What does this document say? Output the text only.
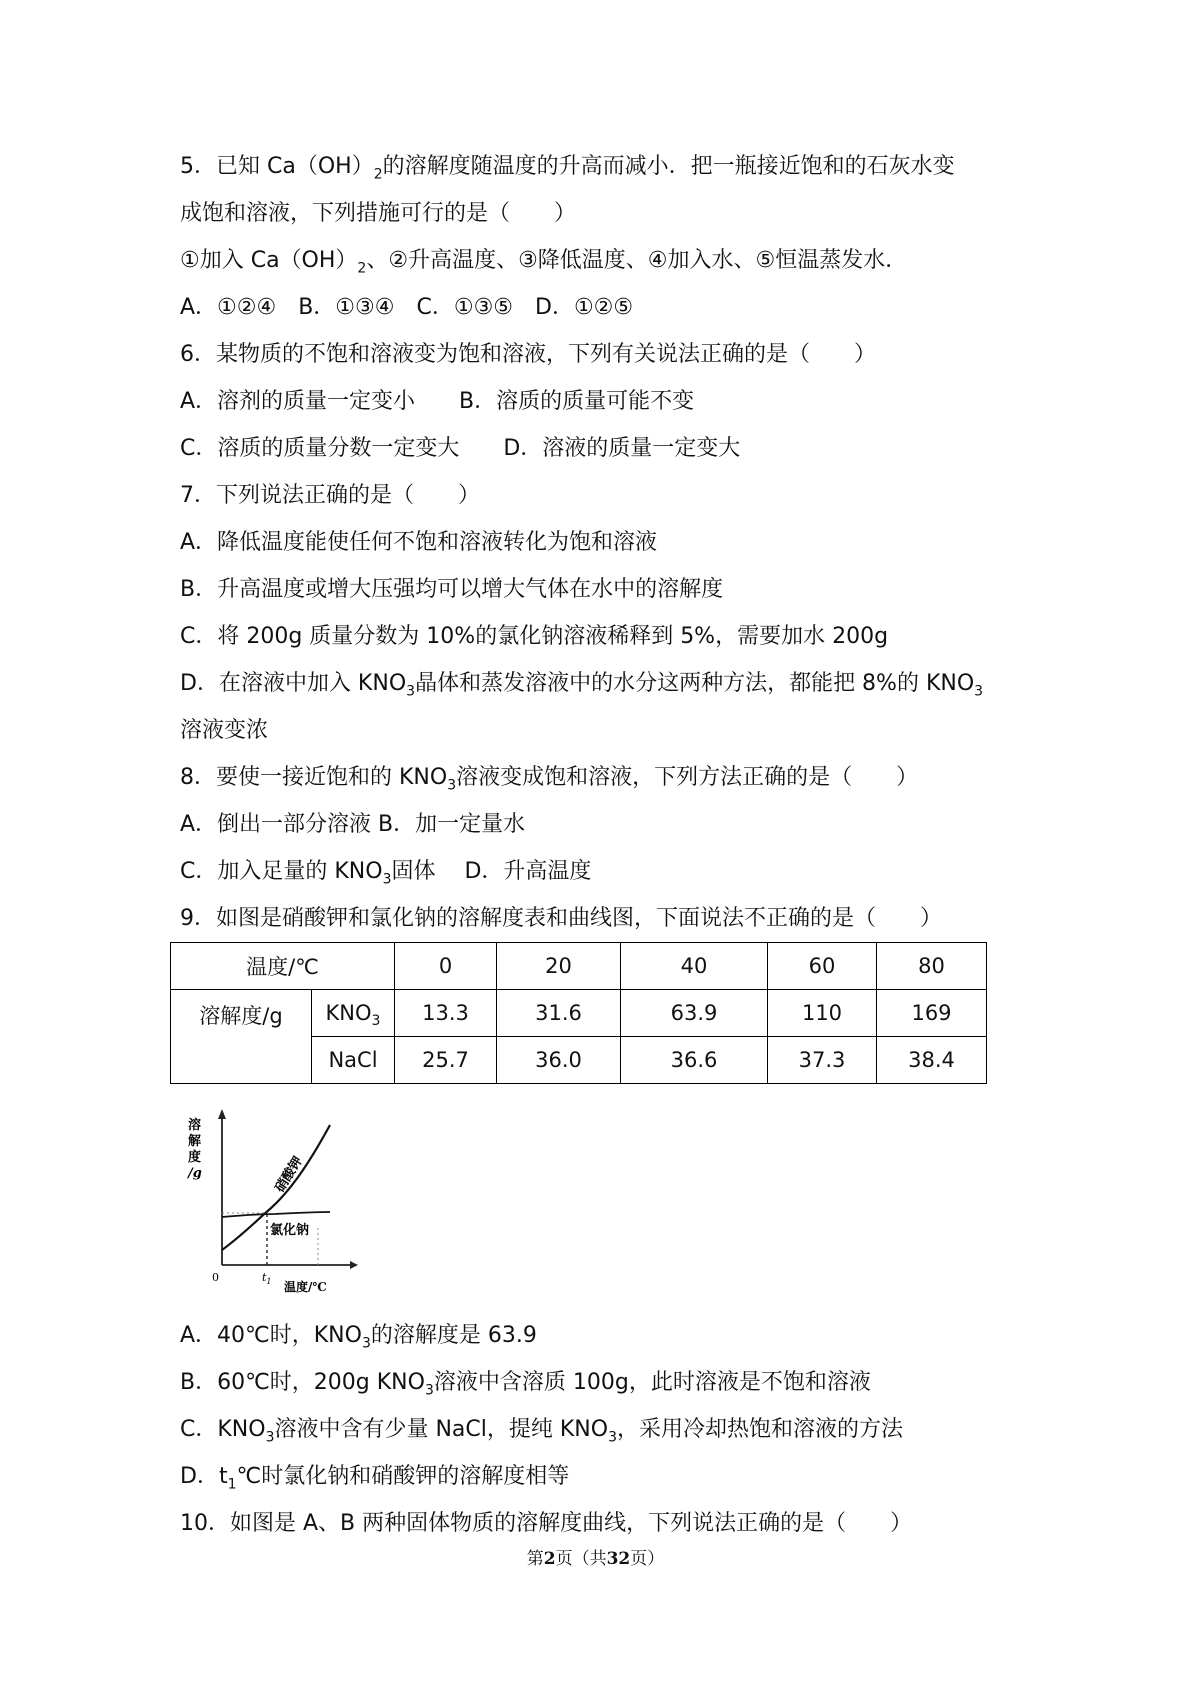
5．已知 $Ca(OH)_2$的溶解度随温度的升高而减小．把一瓶接近饱和的石灰水变
成饱和溶液，下列措施可行的是（　　）
①加入 $Ca(OH)_2$、②升高温度、③降低温度、④加入水、⑤恒温蒸发水．
A．①②④　B．①③④　C．①③⑤　D．①②⑤
6．某物质的不饱和溶液变为饱和溶液，下列有关说法正确的是（　　）
A．溶剂的质量一定变小　　B．溶质的质量可能不变
C．溶质的质量分数一定变大　　D．溶液的质量一定变大
7．下列说法正确的是（　　）
A．降低温度能使任何不饱和溶液转化为饱和溶液
B．升高温度或增大压强均可以增大气体在水中的溶解度
C．将 200g 质量分数为 10%的氯化钠溶液稀释到 5%，需要加水 200g
D．在溶液中加入 $KNO_3$晶体和蒸发溶液中的水分这两种方法，都能把 8%的 $KNO_3$
溶液变浓
8．要使一接近饱和的 $KNO_3$溶液变成饱和溶液，下列方法正确的是（　　）
A．倒出一部分溶液 B．加一定量水
C．加入足量的 $KNO_3$固体　 D．升高温度
9．如图是硝酸钾和氯化钠的溶解度表和曲线图，下面说法不正确的是（　　）
温度/℃		0	20	40	60	80
溶解度/g	$KNO_3$	13.3	31.6	63.9	110	169
	NaCl	25.7	36.0	36.6	37.3	38.4
溶
解
度
/g
0	$t_1$
硝酸钾
氯化钠
温度/℃
A．40℃时，$KNO_3$的溶解度是 63.9
B．60℃时，200g $KNO_3$溶液中含溶质 100g，此时溶液是不饱和溶液
C．$KNO_3$溶液中含有少量 NaCl，提纯 $KNO_3$，采用冷却热饱和溶液的方法
D．$t_1℃$时氯化钠和硝酸钾的溶解度相等
10．如图是 A、B 两种固体物质的溶解度曲线，下列说法正确的是（　　）
第2页（共32页）
